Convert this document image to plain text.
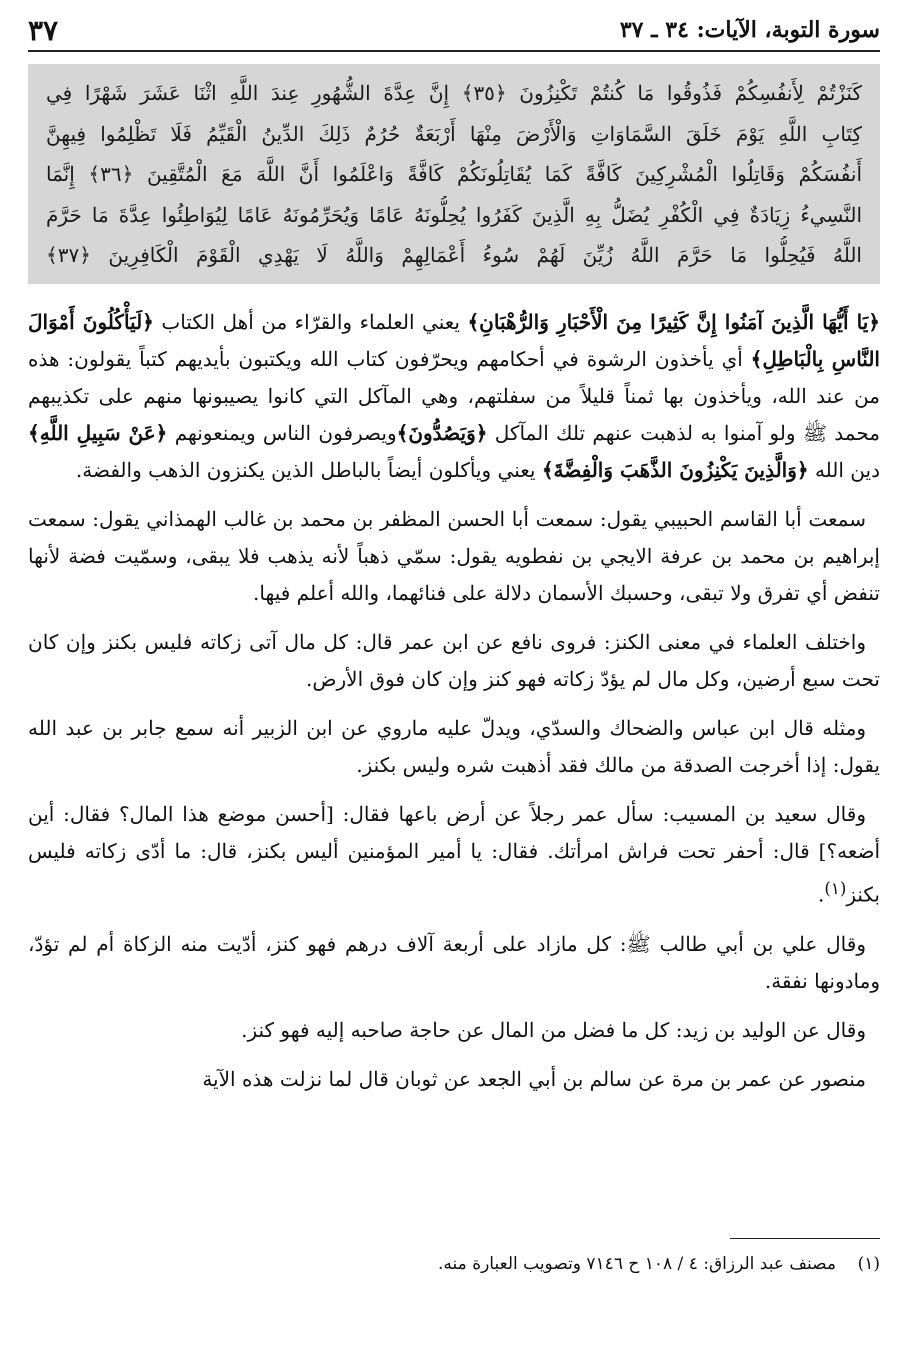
سورة التوبة، الآيات: ٣٤ ـ ٣٧
٣٧
كَنَزْتُمْ لِأَنفُسِكُمْ فَذُوقُوا مَا كُنتُمْ تَكْنِزُونَ ﴿٣٥﴾ إِنَّ عِدَّةَ الشُّهُورِ عِندَ اللَّهِ اثْنَا عَشَرَ شَهْرًا فِي
كِتَابِ اللَّهِ يَوْمَ خَلَقَ السَّمَاوَاتِ وَالْأَرْضَ مِنْهَا أَرْبَعَةٌ حُرُمٌ ذَلِكَ الدِّينُ الْقَيِّمُ فَلَا تَظْلِمُوا فِيهِنَّ
أَنفُسَكُمْ وَقَاتِلُوا الْمُشْرِكِينَ كَافَّةً كَمَا يُقَاتِلُونَكُمْ كَافَّةً وَاعْلَمُوا أَنَّ اللَّهَ مَعَ الْمُتَّقِينَ ﴿٣٦﴾ إِنَّمَا
النَّسِيءُ زِيَادَةٌ فِي الْكُفْرِ يُضَلُّ بِهِ الَّذِينَ كَفَرُوا يُحِلُّونَهُ عَامًا وَيُحَرِّمُونَهُ عَامًا لِيُوَاطِئُوا عِدَّةَ مَا حَرَّمَ
اللَّهُ فَيُحِلُّوا مَا حَرَّمَ اللَّهُ زُيِّنَ لَهُمْ سُوءُ أَعْمَالِهِمْ وَاللَّهُ لَا يَهْدِي الْقَوْمَ الْكَافِرِينَ ﴿٣٧﴾

﴿يَا أَيُّهَا الَّذِينَ آمَنُوا إِنَّ كَثِيرًا مِنَ الْأَحْبَارِ وَالرُّهْبَانِ﴾ يعني العلماء والقرّاء من أهل الكتاب ﴿لَيَأْكُلُونَ أَمْوَالَ النَّاسِ بِالْبَاطِلِ﴾ أي يأخذون الرشوة في أحكامهم ويحرّفون كتاب الله ويكتبون بأيديهم كتباً يقولون: هذه من عند الله، ويأخذون بها ثمناً قليلاً من سفلتهم، وهي المآكل التي كانوا يصيبونها منهم على تكذيبهم محمد ﷺ ولو آمنوا به لذهبت عنهم تلك المآكل ﴿وَيَصُدُّونَ﴾ويصرفون الناس ويمنعونهم ﴿عَنْ سَبِيلِ اللَّهِ﴾ دين الله ﴿وَالَّذِينَ يَكْنِزُونَ الذَّهَبَ وَالْفِضَّةَ﴾ يعني ويأكلون أيضاً بالباطل الذين يكنزون الذهب والفضة.

سمعت أبا القاسم الحبيبي يقول: سمعت أبا الحسن المظفر بن محمد بن غالب الهمذاني يقول: سمعت إبراهيم بن محمد بن عرفة الايجي بن نفطويه يقول: سمّي ذهباً لأنه يذهب فلا يبقى، وسمّيت فضة لأنها تنفض أي تفرق ولا تبقى، وحسبك الأسمان دلالة على فنائهما، والله أعلم فيها.

واختلف العلماء في معنى الكنز: فروى نافع عن ابن عمر قال: كل مال آتى زكاته فليس بكنز وإن كان تحت سبع أرضين، وكل مال لم يؤدّ زكاته فهو كنز وإن كان فوق الأرض.

ومثله قال ابن عباس والضحاك والسدّي، ويدلّ عليه ماروي عن ابن الزبير أنه سمع جابر بن عبد الله يقول: إذا أخرجت الصدقة من مالك فقد أذهبت شره وليس بكنز.

وقال سعيد بن المسيب: سأل عمر رجلاً عن أرض باعها فقال: [أحسن موضع هذا المال؟ فقال: أين أضعه؟] قال: أحفر تحت فراش امرأتك. فقال: يا أمير المؤمنين أليس بكنز، قال: ما أدّى زكاته فليس بكنز$^{(١)}$.

وقال علي بن أبي طالب ﷺ: كل مازاد على أربعة آلاف درهم فهو كنز، أدّيت منه الزكاة أم لم تؤدّ، ومادونها نفقة.

وقال عن الوليد بن زيد: كل ما فضل من المال عن حاجة صاحبه إليه فهو كنز.

منصور عن عمر بن مرة عن سالم بن أبي الجعد عن ثوبان قال لما نزلت هذه الآية

(١)    مصنف عبد الرزاق: ٤ / ١٠٨ ح ٧١٤٦ وتصويب العبارة منه.
